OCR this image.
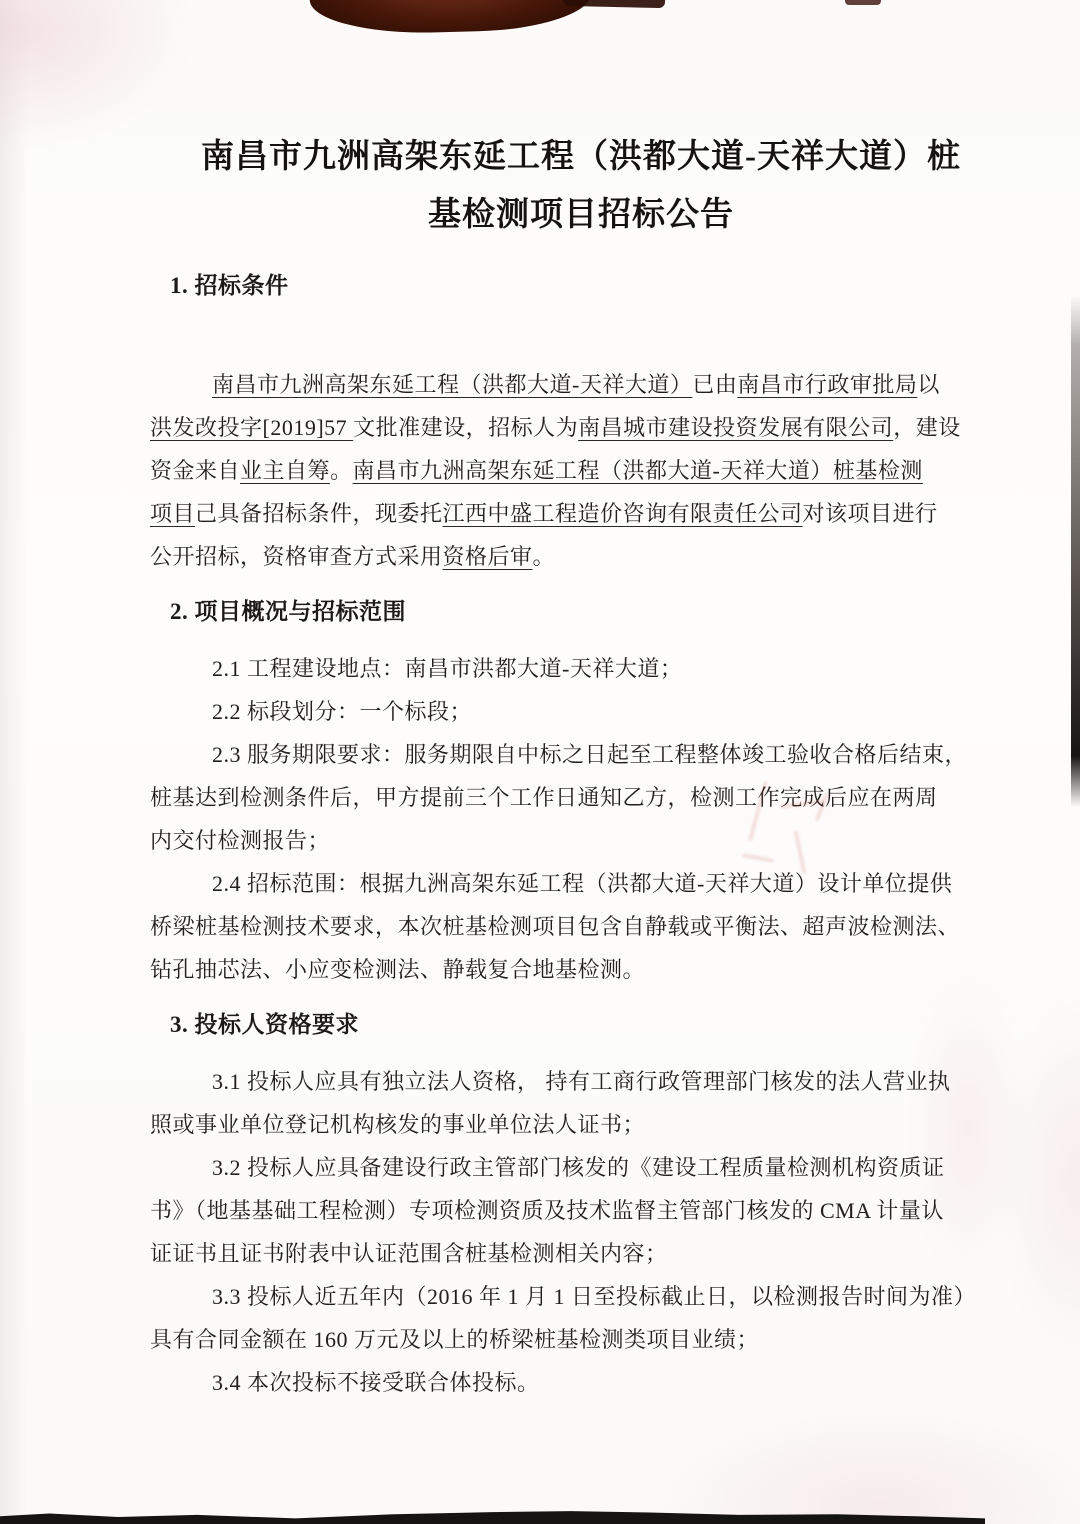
南昌市九洲高架东延工程（洪都大道-天祥大道）桩
基检测项目招标公告
1. 招标条件
南昌市九洲高架东延工程（洪都大道-天祥大道）已由南昌市行政审批局以
洪发改投字[2019]57 文批准建设，招标人为南昌城市建设投资发展有限公司，建设
资金来自业主自筹。南昌市九洲高架东延工程（洪都大道-天祥大道）桩基检测
项目己具备招标条件，现委托江西中盛工程造价咨询有限责任公司对该项目进行
公开招标，资格审查方式采用资格后审。
2. 项目概况与招标范围
2.1 工程建设地点：南昌市洪都大道-天祥大道；
2.2 标段划分：一个标段；
2.3 服务期限要求：服务期限自中标之日起至工程整体竣工验收合格后结束，
桩基达到检测条件后，甲方提前三个工作日通知乙方，检测工作完成后应在两周
内交付检测报告；
2.4 招标范围：根据九洲高架东延工程（洪都大道-天祥大道）设计单位提供
桥梁桩基检测技术要求，本次桩基检测项目包含自静载或平衡法、超声波检测法、
钻孔抽芯法、小应变检测法、静载复合地基检测。
3. 投标人资格要求
3.1 投标人应具有独立法人资格， 持有工商行政管理部门核发的法人营业执
照或事业单位登记机构核发的事业单位法人证书；
3.2 投标人应具备建设行政主管部门核发的《建设工程质量检测机构资质证
书》（地基基础工程检测）专项检测资质及技术监督主管部门核发的 CMA 计量认
证证书且证书附表中认证范围含桩基检测相关内容；
3.3 投标人近五年内（2016 年 1 月 1 日至投标截止日，以检测报告时间为准）
具有合同金额在 160 万元及以上的桥梁桩基检测类项目业绩；
3.4 本次投标不接受联合体投标。
